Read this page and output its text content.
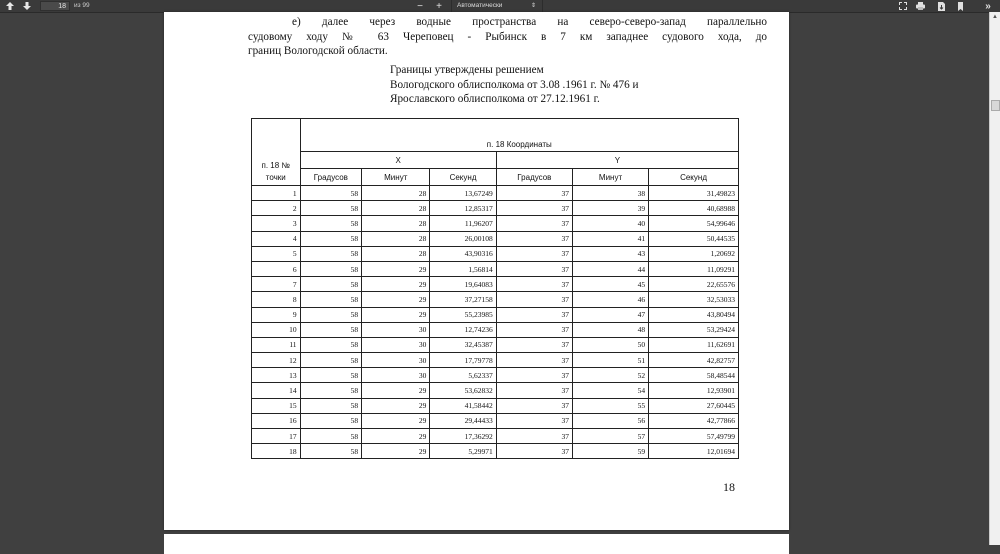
18	из 99	−	+	Автоматически	⇕	»
е) далее через водные пространства на северо-северо-запад параллельно
судовому ходу № 63 Череповец - Рыбинск в 7 км западнее судового хода, до
границ Вологодской области.
Границы утверждены решением
Вологодского облисполкома от 3.08 .1961 г. № 476 и
Ярославского облисполкома от 27.12.1961 г.
п. 18 №
точки	п. 18 Координаты					
	X			Y		
	Градусов	Минут	Секунд	Градусов	Минут	Секунд
1	58	28	13,67249	37	38	31,49823
2	58	28	12,85317	37	39	40,68988
3	58	28	11,96207	37	40	54,99646
4	58	28	26,00108	37	41	50,44535
5	58	28	43,90316	37	43	1,20692
6	58	29	1,56814	37	44	11,09291
7	58	29	19,64083	37	45	22,65576
8	58	29	37,27158	37	46	32,53033
9	58	29	55,23985	37	47	43,80494
10	58	30	12,74236	37	48	53,29424
11	58	30	32,45387	37	50	11,62691
12	58	30	17,79778	37	51	42,82757
13	58	30	5,62337	37	52	58,48544
14	58	29	53,62832	37	54	12,93901
15	58	29	41,58442	37	55	27,60445
16	58	29	29,44433	37	56	42,77866
17	58	29	17,36292	37	57	57,49799
18	58	29	5,29971	37	59	12,01694
18
▲
